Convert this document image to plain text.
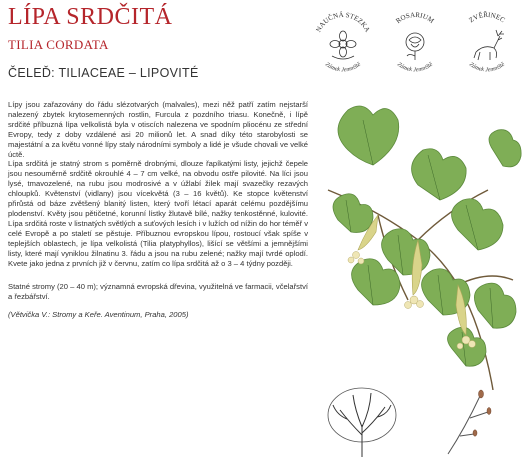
LÍPA SRDČITÁ
TILIA CORDATA
ČELEĎ: TILIACEAE – LIPOVITÉ
NAUČNÁ STEZKA
Zámek Jemniště
ROSARIUM
Zámek Jemniště
ZVĚŘINEC
Zámek Jemniště

Lípy jsou zařazovány do řádu slézotvarých (malvales), mezi něž patří zatím nejstarší nalezený zbytek krytosemenných rostlin, Furcula z pozdního triasu. Konečně, i lípě srdčité příbuzná lípa velkolistá byla v otiscích nalezena ve spodním pliocénu ze střední Evropy, tedy z doby vzdálené asi 20 milionů let. A snad díky této starobylosti se majestátní a za květu vonné lípy staly národními symboly a lidé je všude chovali ve velké úctě.

Lípa srdčitá je statný strom s poměrně drobnými, dlouze řapíkatými listy, jejichž čepele jsou nesouměrně srdčitě okrouhlé 4 – 7 cm velké, na obvodu ostře pilovité. Na líci jsou lysé, tmavozelené, na rubu jsou modrosivé a v úžlabí žilek mají svazečky rezavých chloupků. Květenství (vidlany) jsou vícekvětá (3 – 16 květů). Ke stopce květenství přirůstá od báze zvětšený blanitý listen, který tvoří létací aparát celému pozdějšímu plodenství. Květy jsou pětičetné, korunní lístky žlutavě bílé, nažky tenkostěnné, kulovité. Lípa srdčitá roste v listnatých světlých a suťových lesích i v lužích od nížin do hor téměř v celé Evropě a po staletí se pěstuje. Příbuznou evropskou lípou, rostoucí však spíše v teplejších oblastech, je lípa velkolistá (Tilia platyphyllos), lišící se většími a jemnějšími listy, které mají vyniklou žilnatinu 3. řádu a jsou na rubu zelené; nažky mají tvrdé oplodí. Kvete jako jedna z prvních již v červnu, zatím co lípa srdčitá až o 3 – 4 týdny později.

Statné stromy (20 – 40 m); významná evropská dřevina, využitelná ve farmacii, včelařství a řezbářství.

(Větvička V.: Stromy a Keře. Aventinum, Praha, 2005)
